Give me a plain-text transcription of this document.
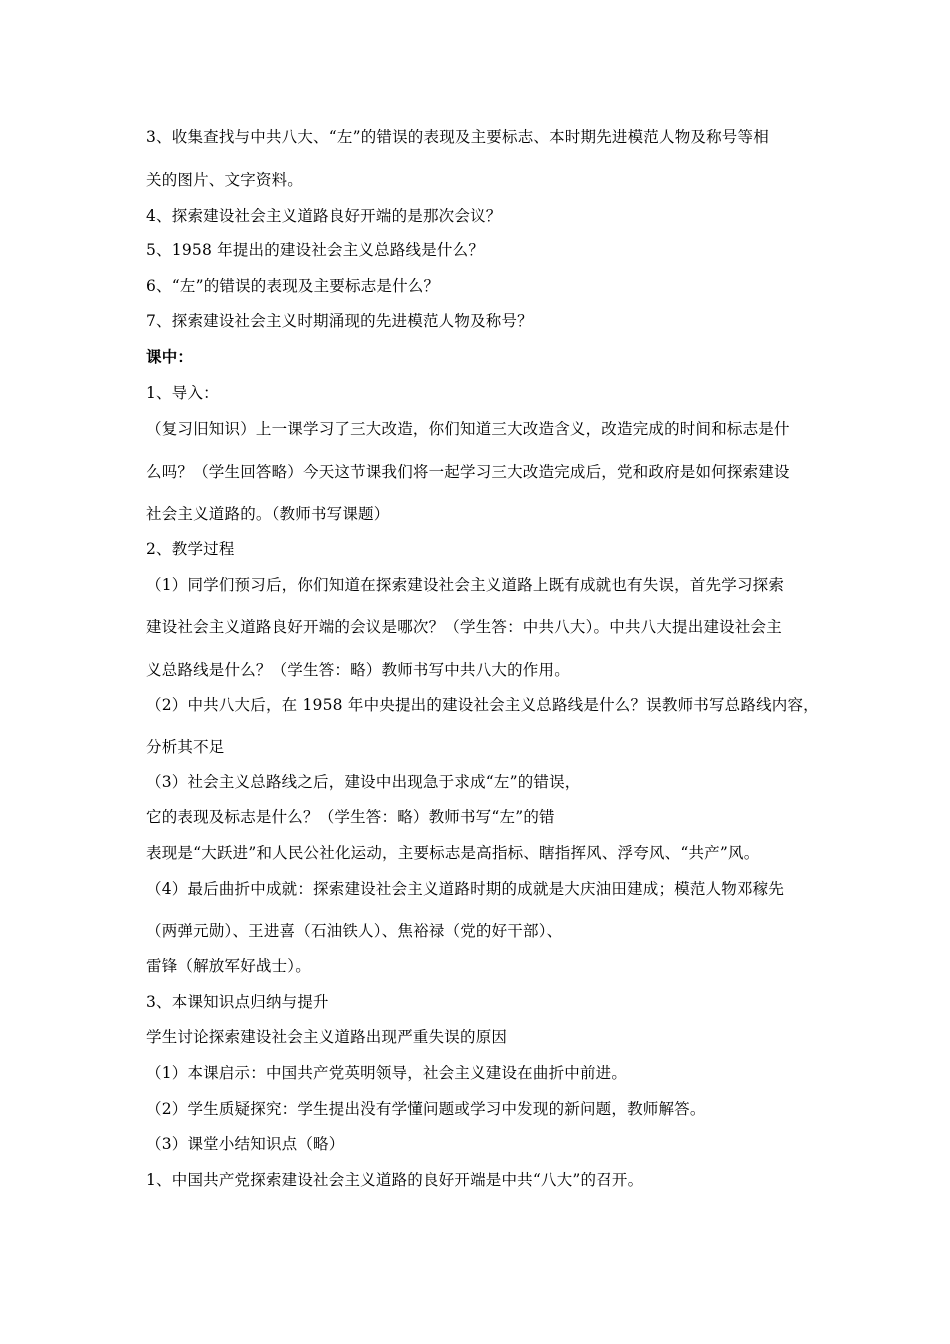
3、收集查找与中共八大、“左”的错误的表现及主要标志、本时期先进模范人物及称号等相
关的图片、文字资料。
4、探索建设社会主义道路良好开端的是那次会议？
5、1958 年提出的建设社会主义总路线是什么？
6、“左”的错误的表现及主要标志是什么？
7、探索建设社会主义时期涌现的先进模范人物及称号？
课中：
1、导入：
（复习旧知识）上一课学习了三大改造，你们知道三大改造含义，改造完成的时间和标志是什
么吗？（学生回答略）今天这节课我们将一起学习三大改造完成后，党和政府是如何探索建设
社会主义道路的。（教师书写课题）
2、教学过程
（1）同学们预习后，你们知道在探索建设社会主义道路上既有成就也有失误，首先学习探索
建设社会主义道路良好开端的会议是哪次？（学生答：中共八大）。中共八大提出建设社会主
义总路线是什么？（学生答：略）教师书写中共八大的作用。
（2）中共八大后，在 1958 年中央提出的建设社会主义总路线是什么？误教师书写总路线内容，
分析其不足
（3）社会主义总路线之后，建设中出现急于求成“左”的错误，
它的表现及标志是什么？（学生答：略）教师书写“左”的错
表现是“大跃进”和人民公社化运动，主要标志是高指标、瞎指挥风、浮夸风、“共产”风。
（4）最后曲折中成就：探索建设社会主义道路时期的成就是大庆油田建成；模范人物邓稼先
（两弹元勋）、王进喜（石油铁人）、焦裕禄（党的好干部）、
雷锋（解放军好战士）。
3、本课知识点归纳与提升
学生讨论探索建设社会主义道路出现严重失误的原因
（1）本课启示：中国共产党英明领导，社会主义建设在曲折中前进。
（2）学生质疑探究：学生提出没有学懂问题或学习中发现的新问题，教师解答。
（3）课堂小结知识点（略）
1、中国共产党探索建设社会主义道路的良好开端是中共“八大”的召开。
